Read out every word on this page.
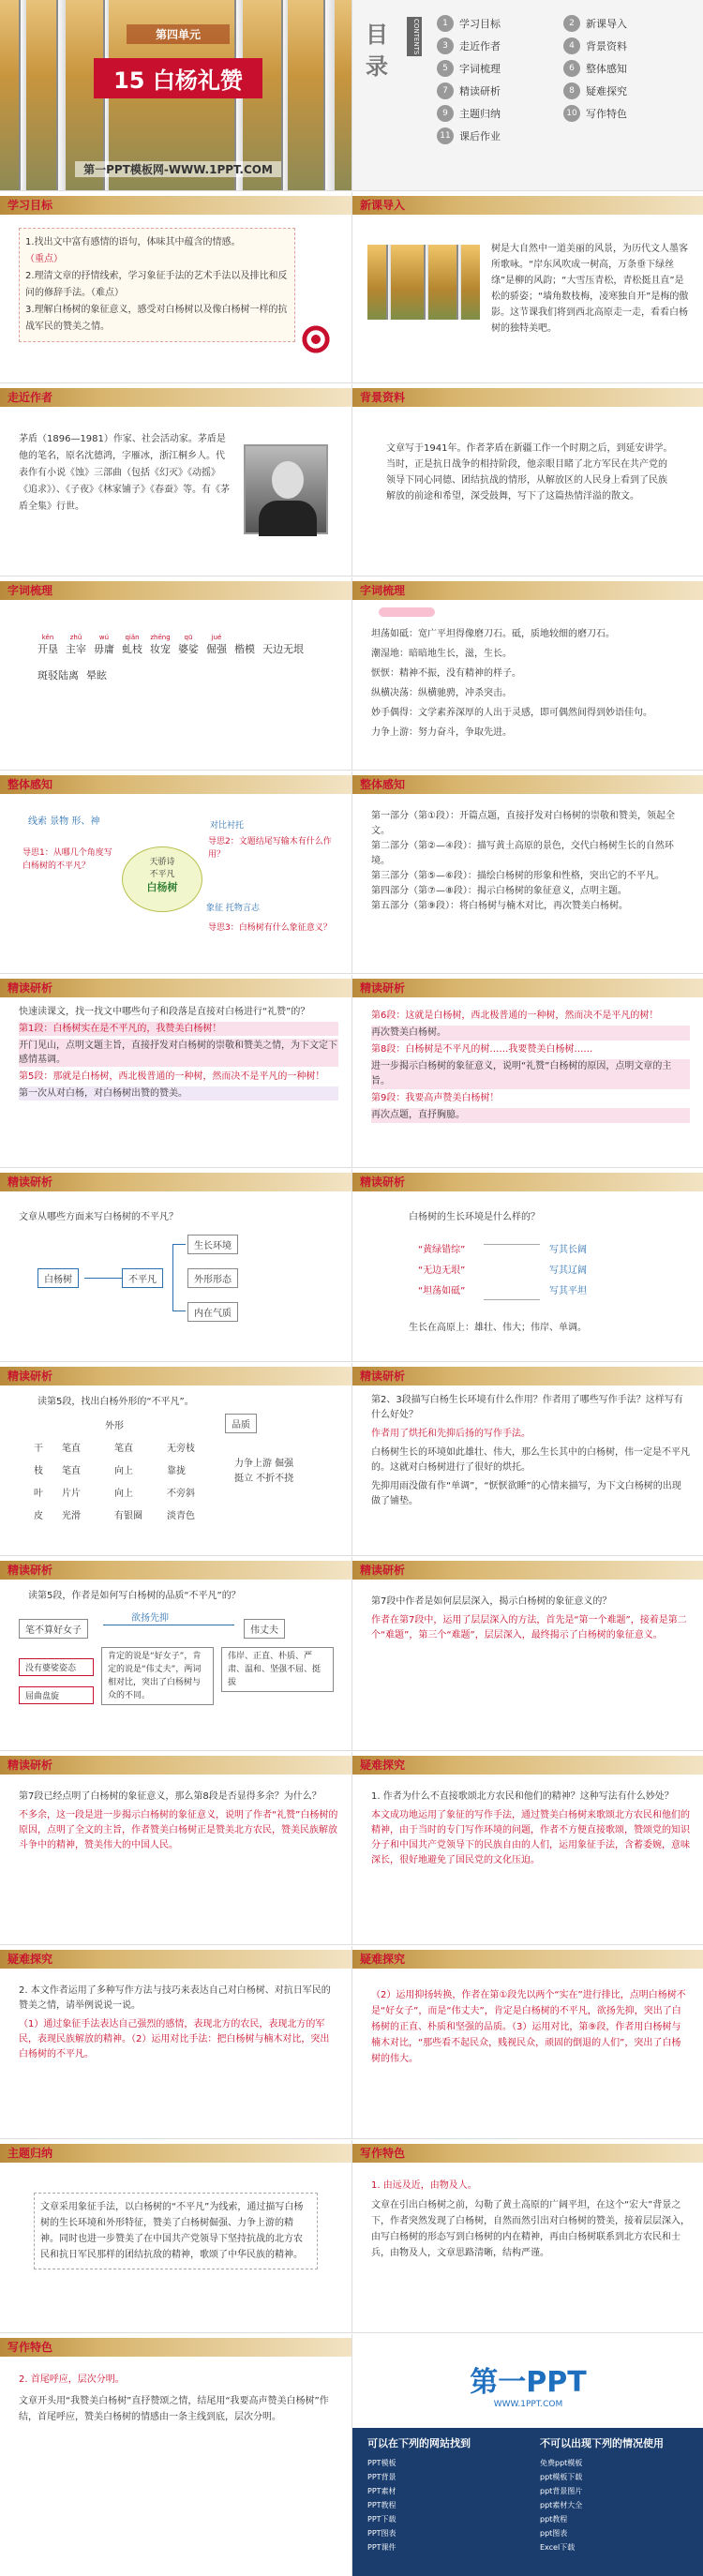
第四单元
15 白杨礼赞
第一PPT模板网-WWW.1PPT.COM
目录
CONTENTS	1	学习目标	2	新课导入
3	走近作者	4	背景资料
5	字词梳理	6	整体感知
7	精读研析	8	疑难探究
9	主题归纳	10 写作特色
11 课后作业
学习目标
1.找出文中富有感情的语句，体味其中蕴含的情感。
（重点）
2.理清文章的抒情线索，学习象征手法的艺术手法以及排比和反问的修辞手法。（难点）
3.理解白杨树的象征意义，感受对白杨树以及像白杨树一样的抗战军民的赞美之情。
新课导入
树是大自然中一道美丽的风景，为历代文人墨客所歌咏。“岸东风吹成一树高，万条垂下绿丝绦”是柳的风韵；“大雪压青松，青松挺且直”是松的骄姿；“墙角数枝梅，凌寒独自开”是梅的傲影。这节课我们将到西北高原走一走，看看白杨树的独特美吧。
走近作者
茅盾（1896—1981）作家、社会活动家。茅盾是他的笔名，原名沈德鸿，字雁冰，浙江桐乡人。代表作有小说《蚀》三部曲（包括《幻灭》《动摇》《追求》）、《子夜》《林家铺子》《春蚕》等。有《茅盾全集》行世。
背景资料
文章写于1941年。作者茅盾在新疆工作一个时期之后，到延安讲学。当时，正是抗日战争的相持阶段，他亲眼目睹了北方军民在共产党的领导下同心同德、团结抗战的情形，从解放区的人民身上看到了民族解放的前途和希望，深受鼓舞，写下了这篇热情洋溢的散文。
字词梳理
kěn
开垦
zhǔ
主宰
wú
毋庸
qiǎn
虬枝
zhēng
妆宠
qū
婆娑
jué
倔强 楷模 天边无垠
斑驳陆离 晕眩
字词梳理
坦荡如砥：宽广平坦得像磨刀石。砥，质地较细的磨刀石。
潮湿地：暗暗地生长，滋，生长。
恹恹：精神不振，没有精神的样子。
纵横决荡：纵横驰骋，冲杀突击。
妙手偶得：文学素养深厚的人出于灵感，即可偶然间得到妙语佳句。
力争上游：努力奋斗，争取先进。
整体感知
线索 景物 形、神
导思1：从哪几个角度写白杨树的不平凡？	天骄诗
不平凡
白杨树
对比衬托
导思2：文题结尾写输木有什么作用？
象征 托物言志
导思3：白杨树有什么象征意义？
整体感知
第一部分（第①段）：开篇点题，直接抒发对白杨树的崇敬和赞美，领起全文。
第二部分（第②—④段）：描写黄土高原的景色，交代白杨树生长的自然环境。
第三部分（第⑤—⑥段）：描绘白杨树的形象和性格，突出它的不平凡。
第四部分（第⑦—⑧段）：揭示白杨树的象征意义，点明主题。
第五部分（第⑨段）：将白杨树与楠木对比，再次赞美白杨树。
精读研析
快速读课文，找一找文中哪些句子和段落是直接对白杨进行“礼赞”的？
第1段：白杨树实在是不平凡的，我赞美白杨树！
开门见山，点明文题主旨，直接抒发对白杨树的崇敬和赞美之情，为下文定下感情基调。
第5段：那就是白杨树，西北极普通的一种树，然而决不是平凡的一种树！
第一次从对白杨，对白杨树出赞的赞美。
精读研析
第6段：这就是白杨树，西北极普通的一种树，然而决不是平凡的树！
再次赞美白杨树。
第8段：白杨树是不平凡的树……我要赞美白杨树……
进一步揭示白杨树的象征意义，说明“礼赞”白杨树的原因，点明文章的主旨。
第9段：我要高声赞美白杨树！
再次点题，直抒胸臆。
精读研析
文章从哪些方面来写白杨树的不平凡？
白杨树	不平凡
生长环境
外形形态
内在气质
精读研析
白杨树的生长环境是什么样的？
“黄绿错综”
“无边无垠”
“坦荡如砥”
写其长阔
写其辽阔
写其平坦
生长在高原上：雄壮、伟大；伟岸、单调。
精读研析
读第5段，找出白杨外形的“不平凡”。
外形	品质
干	笔直	笔直	无旁枝
枝	笔直	向上	靠拢
叶	片片	向上	不旁斜
皮	光滑	有银圈	淡青色
力争上游 倔强挺立 不折不挠
精读研析
第2、3段描写白杨生长环境有什么作用？作者用了哪些写作手法？这样写有什么好处？
作者用了烘托和先抑后扬的写作手法。
白杨树生长的环境如此雄壮、伟大，那么生长其中的白杨树，伟一定是不平凡的。这就对白杨树进行了很好的烘托。
先抑用雨没做有作“单调”，“恹恹欲睡”的心情来描写，为下文白杨树的出现做了铺垫。
精读研析
读第5段，作者是如何写白杨树的品质“不平凡”的？
笔不算好女子
欲扬先抑
伟丈夫
没有婆娑姿态
屈曲盘旋
肯定的说是“好女子”，肯定的说是“伟丈夫”，两词相对比，突出了白杨树与众的不同。
伟岸、正直、朴质、严肃、温和、坚强不屈、挺拔
精读研析
第7段中作者是如何层层深入，揭示白杨树的象征意义的？
作者在第7段中，运用了层层深入的方法，首先是“第一个难题”，接着是第二个“难题”，第三个“难题”，层层深入，最终揭示了白杨树的象征意义。
精读研析
第7段已经点明了白杨树的象征意义，那么第8段是否显得多余？为什么？
不多余，这一段是进一步揭示白杨树的象征意义，说明了作者“礼赞”白杨树的原因，点明了全文的主旨，作者赞美白杨树正是赞美北方农民，赞美民族解放斗争中的精神，赞美伟大的中国人民。
疑难探究
1. 作者为什么不直接歌颂北方农民和他们的精神？这种写法有什么妙处？
本文成功地运用了象征的写作手法，通过赞美白杨树来歌颂北方农民和他们的精神，由于当时的专门写作环境的问题，作者不方便直接歌颂，赞颂党的知识分子和中国共产党领导下的民族自由的人们，运用象征手法，含蓄委婉，意味深长，很好地避免了国民党的文化压迫。
疑难探究
2. 本文作者运用了多种写作方法与技巧来表达自己对白杨树、对抗日军民的赞美之情，请举例说说一说。
（1）通过象征手法表达自己强烈的感情，表现北方的农民，表现北方的军民，表现民族解放的精神。（2）运用对比手法：把白杨树与楠木对比，突出白杨树的不平凡。
疑难探究
（2）运用抑扬转换，作者在第①段先以两个“实在”进行排比，点明白杨树不是“好女子”，而是“伟丈夫”，肯定是白杨树的不平凡，欲扬先抑，突出了白杨树的正直、朴质和坚强的品质。（3）运用对比，第⑨段，作者用白杨树与楠木对比，“那些看不起民众，贱视民众，顽固的倒退的人们”，突出了白杨树的伟大。
主题归纳
文章采用象征手法，以白杨树的“不平凡”为线索，通过描写白杨树的生长环境和外形特征，赞美了白杨树倔强、力争上游的精神。同时也进一步赞美了在中国共产党领导下坚持抗战的北方农民和抗日军民那样的团结抗敌的精神，歌颂了中华民族的精神。
写作特色
1. 由远及近，由物及人。
文章在引出白杨树之前，勾勒了黄土高原的广阔平坦，在这个“宏大”背景之下，作者突然发现了白杨树，自然而然引出对白杨树的赞美，接着层层深入，由写白杨树的形态写到白杨树的内在精神，再由白杨树联系到北方农民和士兵，由物及人，文章思路清晰，结构严谨。
写作特色
2. 首尾呼应，层次分明。
文章开头用“我赞美白杨树”直抒赞颂之情，结尾用“我要高声赞美白杨树”作结，首尾呼应，赞美白杨树的情感由一条主线到底，层次分明。
第一PPT
WWW.1PPT.COM
可以在下列的网站找到	不可以出现下列的情况使用
PPT模板
PPT背景
PPT素材
PPT教程
PPT下载
PPT图表
PPT课件
免费ppt模板
ppt模板下载
ppt背景图片
ppt素材大全
ppt教程
ppt图表
Excel下载
